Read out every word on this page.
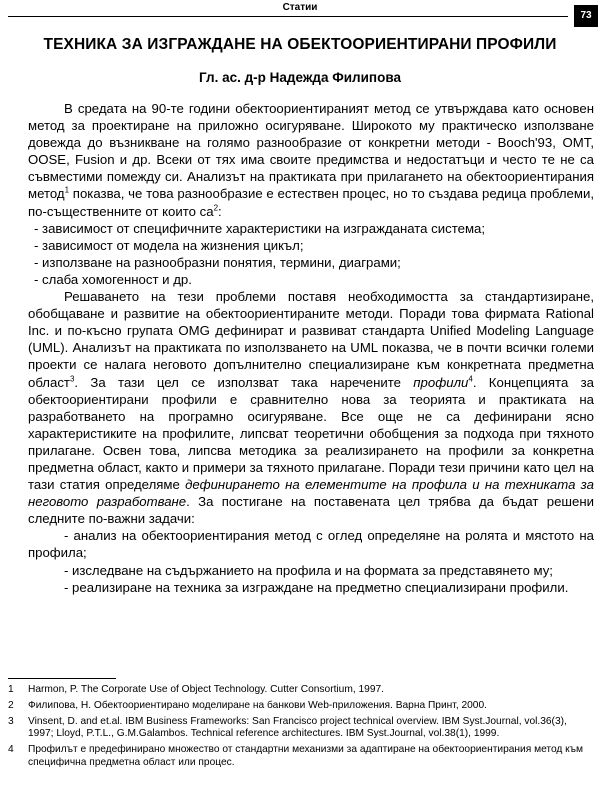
Статии
73
ТЕХНИКА ЗА ИЗГРАЖДАНЕ НА ОБЕКТООРИЕНТИРАНИ ПРОФИЛИ
Гл. ас. д-р Надежда Филипова

В средата на 90-те години обектоориентираният метод се утвърждава като основен метод за проектиране на приложно осигуряване. Широкото му практическо използване довежда до възникване на голямо разнообразие от конкретни методи - Booch'93, OMT, OOSE, Fusion и др. Всеки от тях има своите предимства и недостатъци и често те не са съвместими помежду си. Анализът на практиката при прилагането на обектоориентирания метод$^1$ показва, че това разнообразие е естествен процес, но то създава редица проблеми, по-същественните от които са$^2$:

- зависимост от специфичните характеристики на изгражданата система;

- зависимост от модела на жизнения цикъл;

- използване на разнообразни понятия, термини, диаграми;

- слаба хомогенност и др.

Решаването на тези проблеми поставя необходимостта за стандартизиране, обобщаване и развитие на обектоориентираните методи. Поради това фирмата Rational Inc. и по-късно групата OMG дефинират и развиват стандарта Unified Modeling Language (UML). Анализът на практиката по използването на UML показва, че в почти всички големи проекти се налага неговото допълнително специализиране към конкретната предметна област$^3$. За тази цел се използват така наречените профили$^4$. Концепцията за обектоориентирани профили е сравнително нова за теорията и практиката на разработването на програмно осигуряване. Все още не са дефинирани ясно характеристиките на профилите, липсват теоретични обобщения за подхода при тяхното прилагане. Освен това, липсва методика за реализирането на профили за конкретна предметна област, както и примери за тяхното прилагане. Поради тези причини като цел на тази статия определяме дефинирането на елементите на профила и на техниката за неговото разработване. За постигане на поставената цел трябва да бъдат решени следните по-важни задачи:

- анализ на обектоориентирания метод с оглед определяне на ролята и мястото на профила;

- изследване на съдържанието на профила и на формата за представянето му;

- реализиране на техника за изграждане на предметно специализирани профили.

1	Harmon, P. The Corporate Use of Object Technology. Cutter Consortium, 1997.
2	Филипова, Н. Обектоориентирано моделиране на банкови Web-приложения. Варна Принт, 2000.
3	Vinsent, D. and et.al. IBM Business Frameworks: San Francisco project technical overview. IBM Syst.Journal, vol.36(3), 1997; Lloyd, P.T.L., G.M.Galambos. Technical reference architectures. IBM Syst.Journal, vol.38(1), 1999.
4	Профилът е предефинирано множество от стандартни механизми за адаптиране на обектоориентирания метод към специфична предметна област или процес.
